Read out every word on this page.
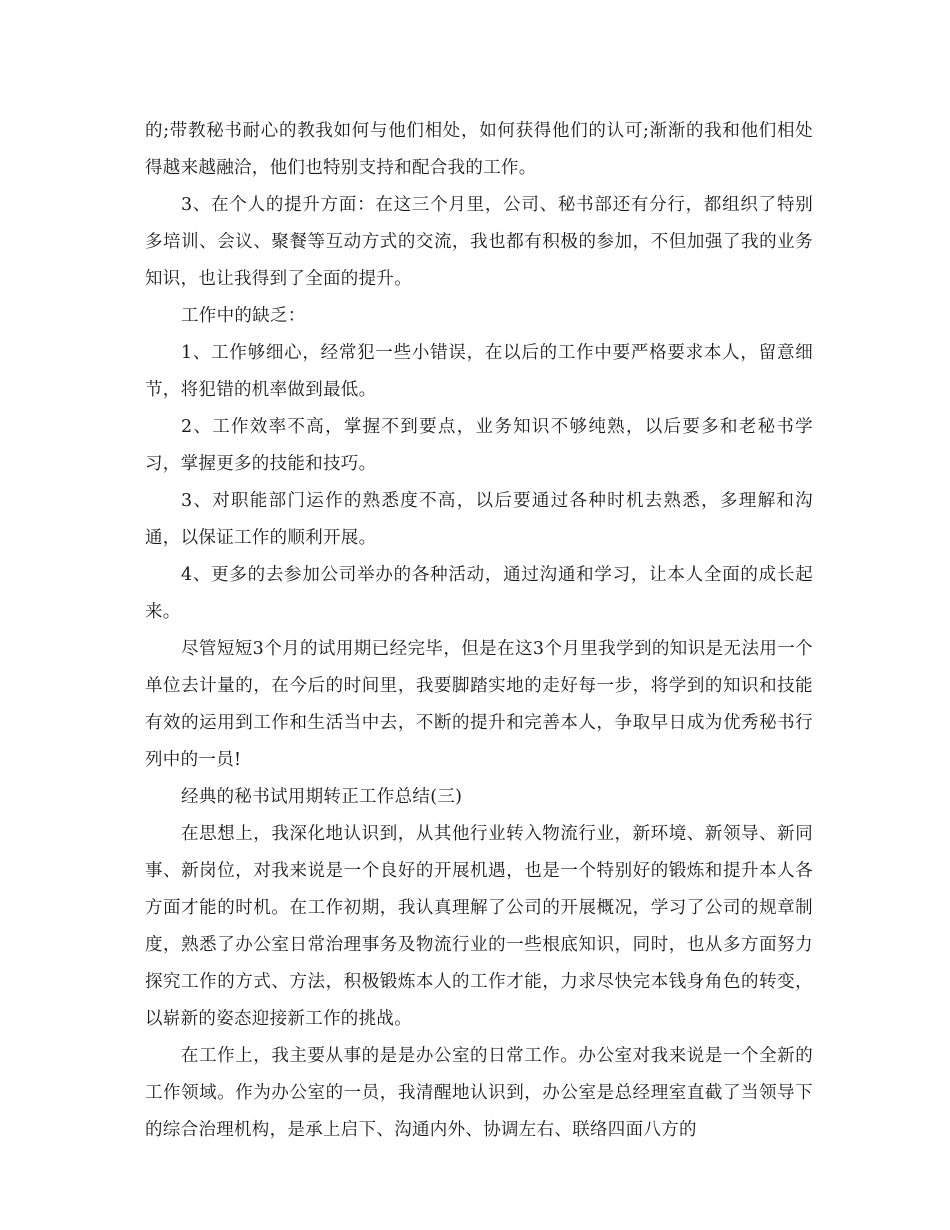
的;带教秘书耐心的教我如何与他们相处，如何获得他们的认可;渐渐的我和他们相处得越来越融洽，他们也特别支持和配合我的工作。

3、在个人的提升方面：在这三个月里，公司、秘书部还有分行，都组织了特别多培训、会议、聚餐等互动方式的交流，我也都有积极的参加，不但加强了我的业务知识，也让我得到了全面的提升。

工作中的缺乏：

1、工作够细心，经常犯一些小错误，在以后的工作中要严格要求本人，留意细节，将犯错的机率做到最低。

2、工作效率不高，掌握不到要点，业务知识不够纯熟，以后要多和老秘书学习，掌握更多的技能和技巧。

3、对职能部门运作的熟悉度不高，以后要通过各种时机去熟悉，多理解和沟通，以保证工作的顺利开展。

4、更多的去参加公司举办的各种活动，通过沟通和学习，让本人全面的成长起来。

尽管短短3个月的试用期已经完毕，但是在这3个月里我学到的知识是无法用一个单位去计量的，在今后的时间里，我要脚踏实地的走好每一步，将学到的知识和技能有效的运用到工作和生活当中去，不断的提升和完善本人，争取早日成为优秀秘书行列中的一员!

经典的秘书试用期转正工作总结(三)

在思想上，我深化地认识到，从其他行业转入物流行业，新环境、新领导、新同事、新岗位，对我来说是一个良好的开展机遇，也是一个特别好的锻炼和提升本人各方面才能的时机。在工作初期，我认真理解了公司的开展概况，学习了公司的规章制度，熟悉了办公室日常治理事务及物流行业的一些根底知识，同时，也从多方面努力探究工作的方式、方法，积极锻炼本人的工作才能，力求尽快完本钱身角色的转变，以崭新的姿态迎接新工作的挑战。

在工作上，我主要从事的是是办公室的日常工作。办公室对我来说是一个全新的工作领域。作为办公室的一员，我清醒地认识到，办公室是总经理室直截了当领导下的综合治理机构，是承上启下、沟通内外、协调左右、联络四面八方的
